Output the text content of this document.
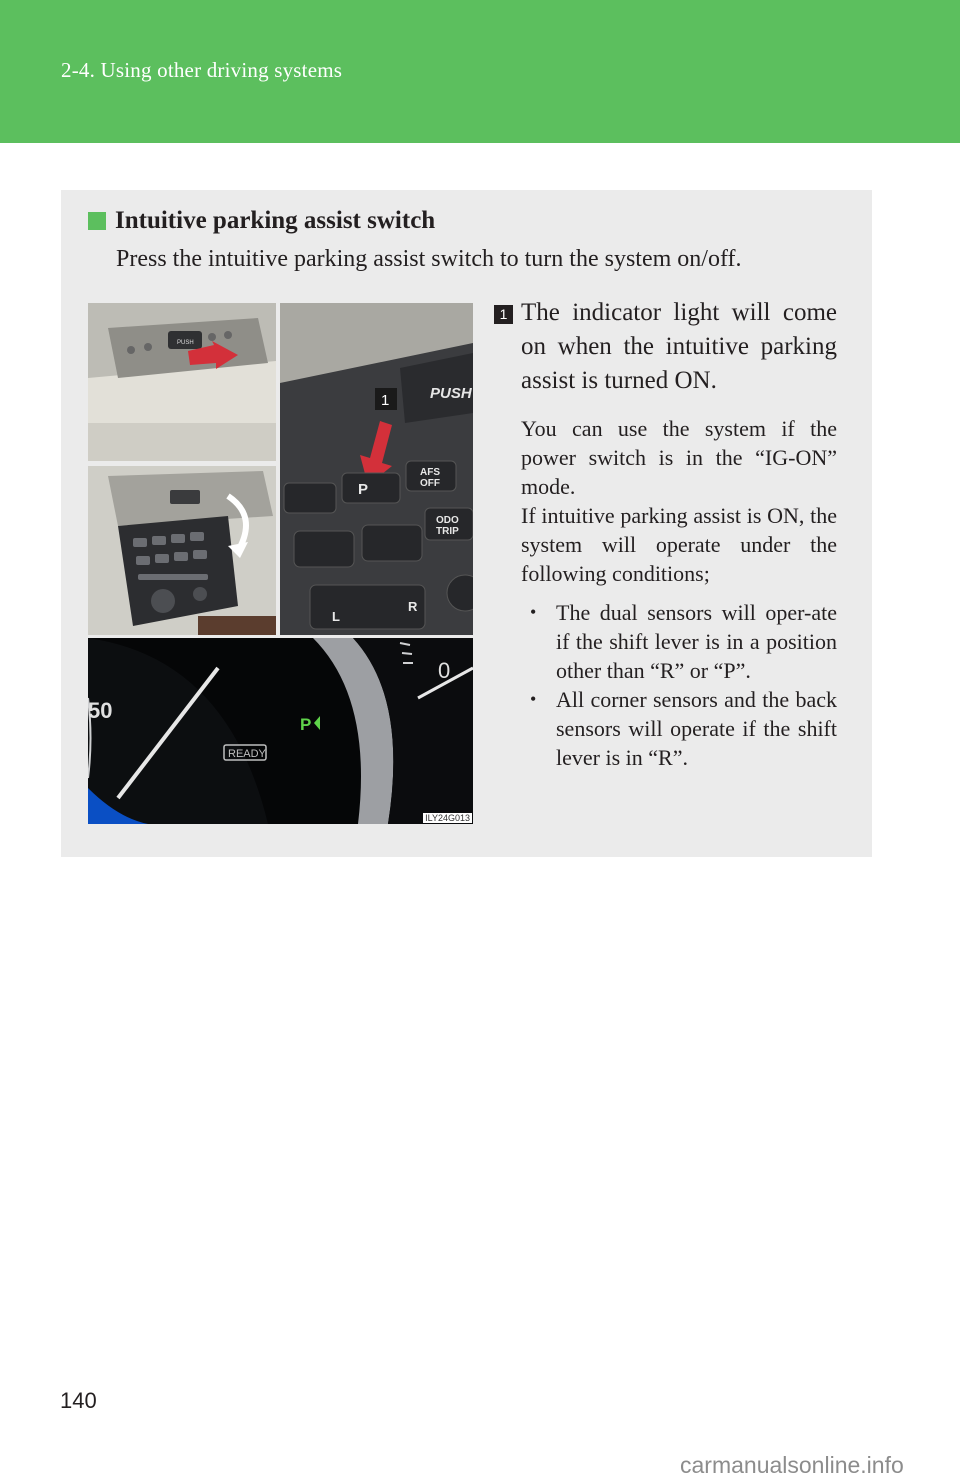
2-4. Using other driving systems
Intuitive parking assist switch
Press the intuitive parking assist switch to turn the system on/off.
PUSH
PUSH
1
P
AFS
OFF
ODO
TRIP
L
R
50
0
READY
P
ILY24G013
1 The indicator light will come on when the intuitive parking assist is turned ON.
You can use the system if the power switch is in the “IG-ON” mode.
If intuitive parking assist is ON, the system will operate under the following conditions;
• The dual sensors will oper-ate if the shift lever is in a position other than “R” or “P”.
• All corner sensors and the back sensors will operate if the shift lever is in “R”.
140
carmanualsonline.info
